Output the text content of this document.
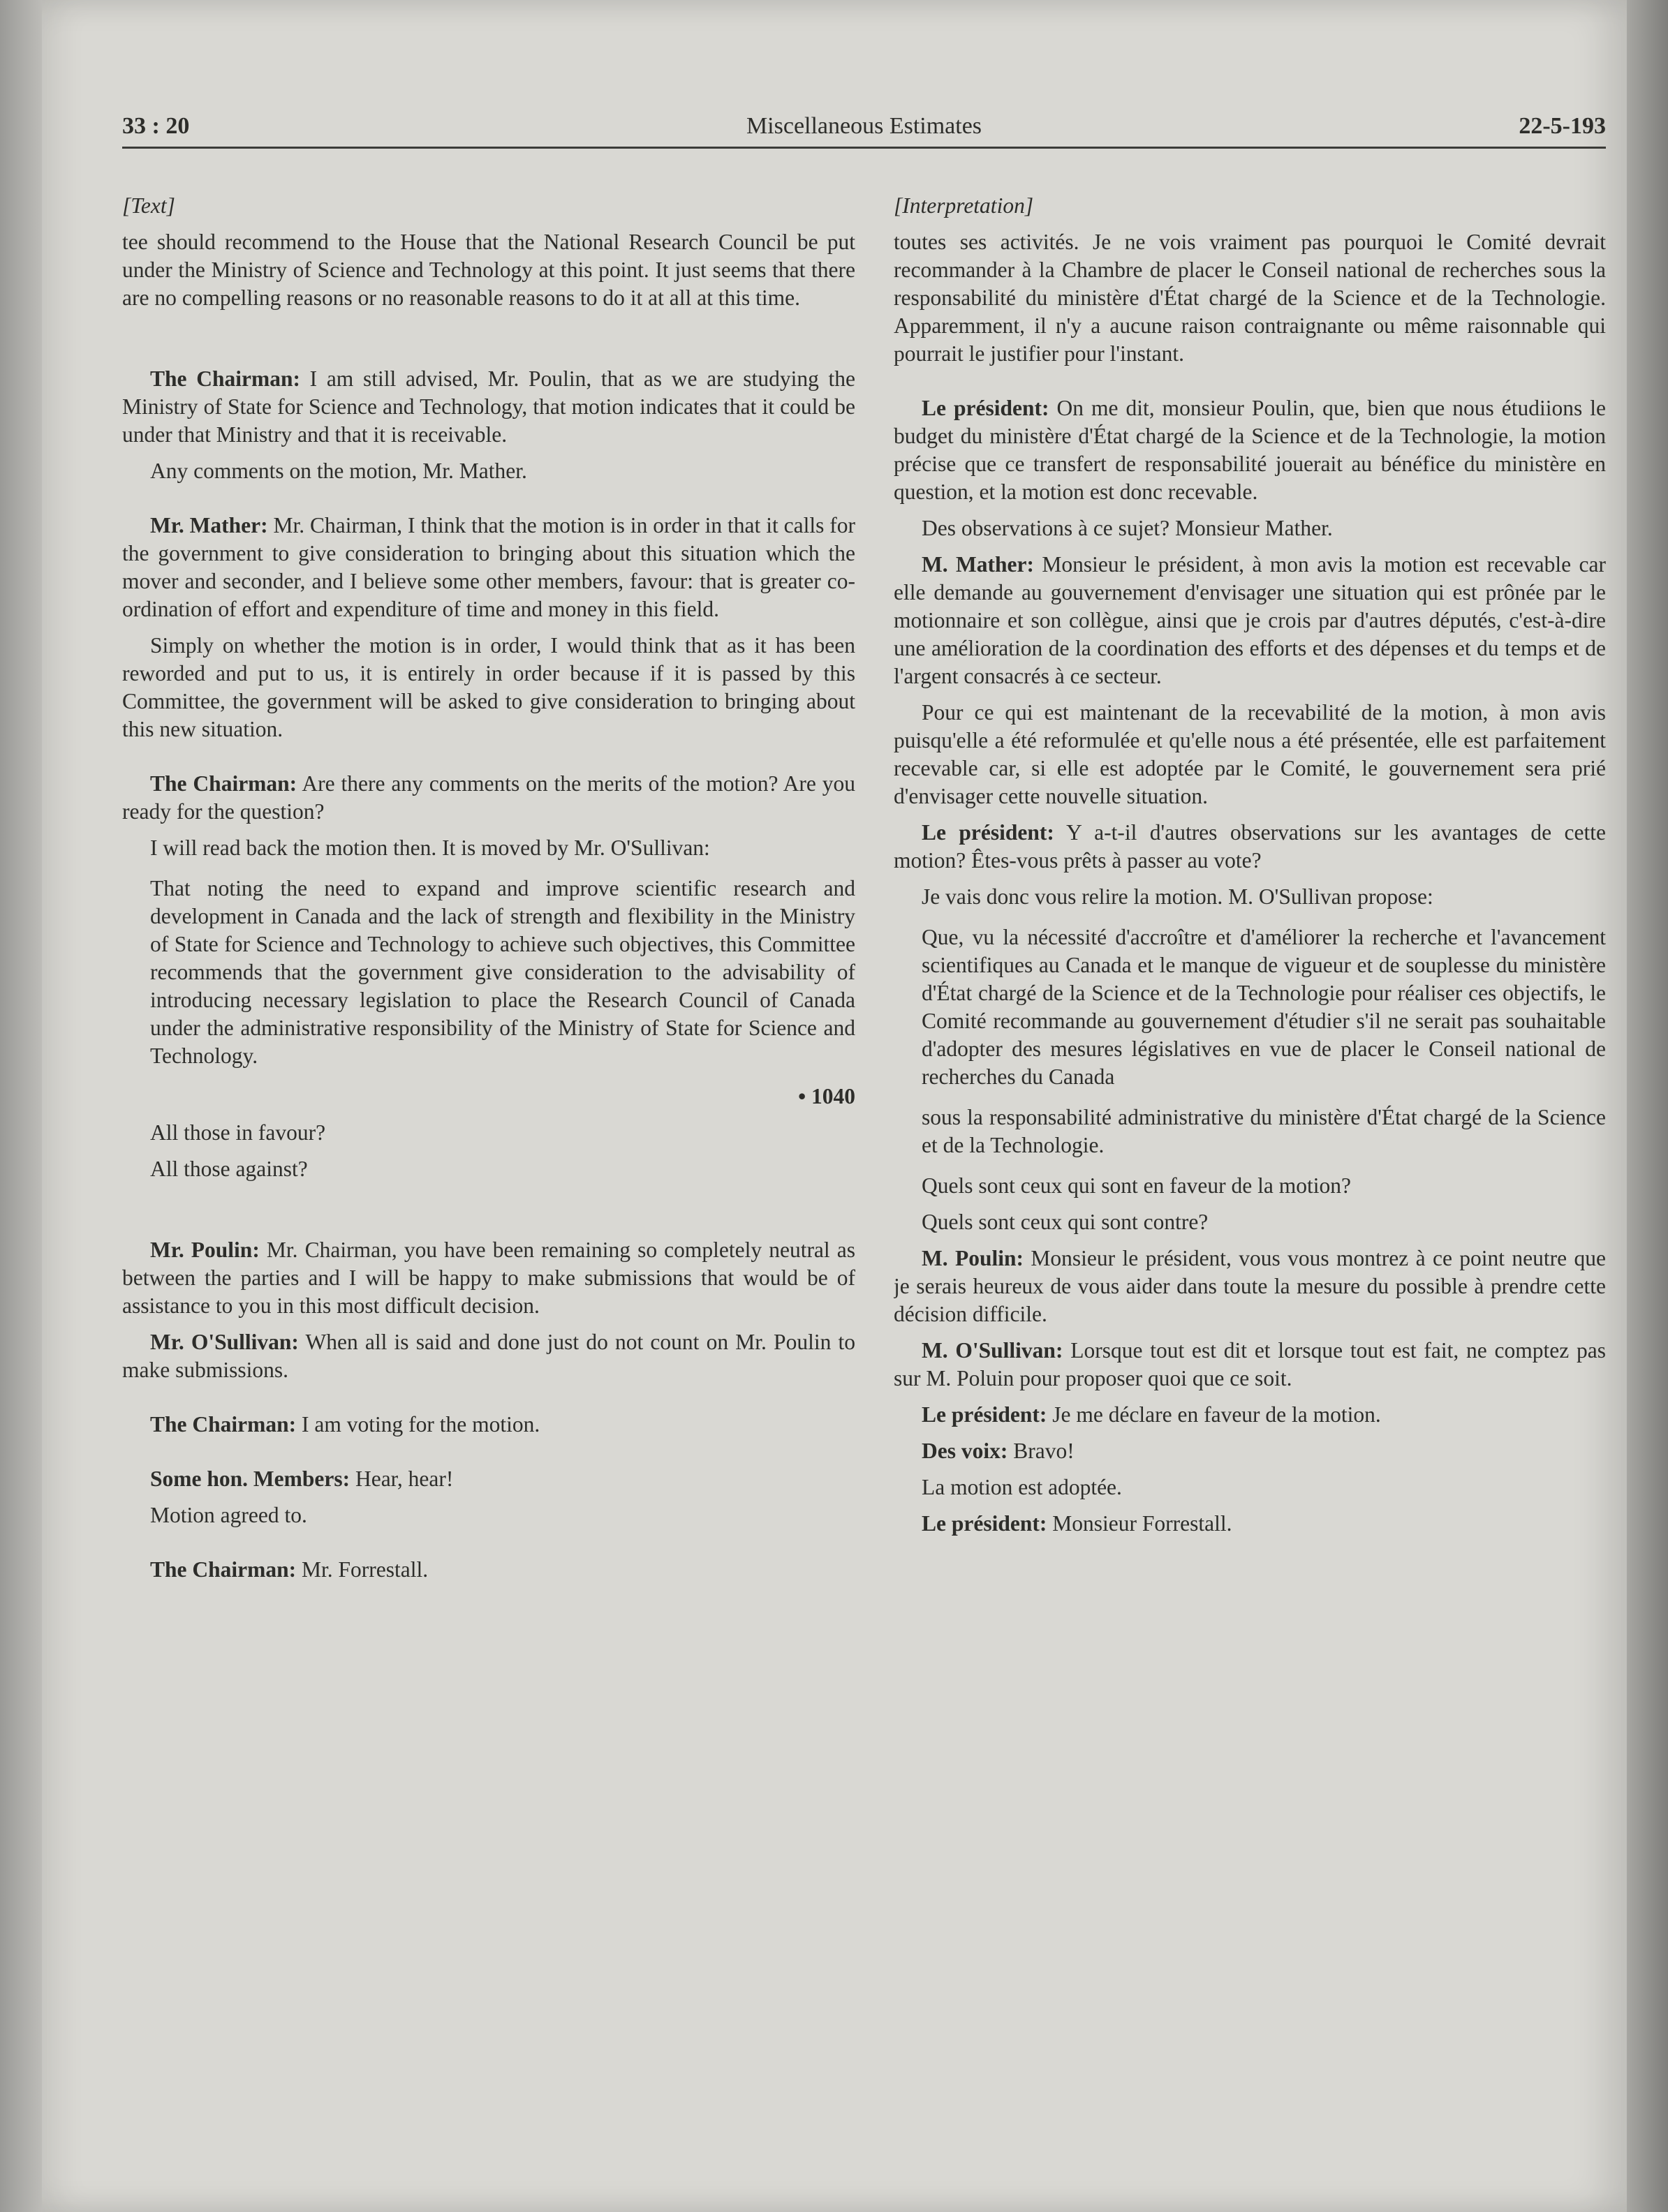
Miscellaneous Estimates
33 : 20	22-5-193

[Text]

tee should recommend to the House that the National Research Council be put under the Ministry of Science and Technology at this point. It just seems that there are no compelling reasons or no reasonable reasons to do it at all at this time.

The Chairman: I am still advised, Mr. Poulin, that as we are studying the Ministry of State for Science and Technology, that motion indicates that it could be under that Ministry and that it is receivable.

Any comments on the motion, Mr. Mather.

Mr. Mather: Mr. Chairman, I think that the motion is in order in that it calls for the government to give consideration to bringing about this situation which the mover and seconder, and I believe some other members, favour: that is greater co-ordination of effort and expenditure of time and money in this field.

Simply on whether the motion is in order, I would think that as it has been reworded and put to us, it is entirely in order because if it is passed by this Committee, the government will be asked to give consideration to bringing about this new situation.

The Chairman: Are there any comments on the merits of the motion? Are you ready for the question?

I will read back the motion then. It is moved by Mr. O'Sullivan:

That noting the need to expand and improve scientific research and development in Canada and the lack of strength and flexibility in the Ministry of State for Science and Technology to achieve such objectives, this Committee recommends that the government give consideration to the advisability of introducing necessary legislation to place the Research Council of Canada under the administrative responsibility of the Ministry of State for Science and Technology.

• 1040

All those in favour?

All those against?

Mr. Poulin: Mr. Chairman, you have been remaining so completely neutral as between the parties and I will be happy to make submissions that would be of assistance to you in this most difficult decision.

Mr. O'Sullivan: When all is said and done just do not count on Mr. Poulin to make submissions.

The Chairman: I am voting for the motion.

Some hon. Members: Hear, hear!

Motion agreed to.

The Chairman: Mr. Forrestall.

[Interpretation]

toutes ses activités. Je ne vois vraiment pas pourquoi le Comité devrait recommander à la Chambre de placer le Conseil national de recherches sous la responsabilité du ministère d'État chargé de la Science et de la Technologie. Apparemment, il n'y a aucune raison contraignante ou même raisonnable qui pourrait le justifier pour l'instant.

Le président: On me dit, monsieur Poulin, que, bien que nous étudiions le budget du ministère d'État chargé de la Science et de la Technologie, la motion précise que ce transfert de responsabilité jouerait au bénéfice du ministère en question, et la motion est donc recevable.

Des observations à ce sujet? Monsieur Mather.

M. Mather: Monsieur le président, à mon avis la motion est recevable car elle demande au gouvernement d'envisager une situation qui est prônée par le motionnaire et son collègue, ainsi que je crois par d'autres députés, c'est-à-dire une amélioration de la coordination des efforts et des dépenses et du temps et de l'argent consacrés à ce secteur.

Pour ce qui est maintenant de la recevabilité de la motion, à mon avis puisqu'elle a été reformulée et qu'elle nous a été présentée, elle est parfaitement recevable car, si elle est adoptée par le Comité, le gouvernement sera prié d'envisager cette nouvelle situation.

Le président: Y a-t-il d'autres observations sur les avantages de cette motion? Êtes-vous prêts à passer au vote?

Je vais donc vous relire la motion. M. O'Sullivan propose:

Que, vu la nécessité d'accroître et d'améliorer la recherche et l'avancement scientifiques au Canada et le manque de vigueur et de souplesse du ministère d'État chargé de la Science et de la Technologie pour réaliser ces objectifs, le Comité recommande au gouvernement d'étudier s'il ne serait pas souhaitable d'adopter des mesures législatives en vue de placer le Conseil national de recherches du Canada

sous la responsabilité administrative du ministère d'État chargé de la Science et de la Technologie.

Quels sont ceux qui sont en faveur de la motion?

Quels sont ceux qui sont contre?

M. Poulin: Monsieur le président, vous vous montrez à ce point neutre que je serais heureux de vous aider dans toute la mesure du possible à prendre cette décision difficile.

M. O'Sullivan: Lorsque tout est dit et lorsque tout est fait, ne comptez pas sur M. Poluin pour proposer quoi que ce soit.

Le président: Je me déclare en faveur de la motion.

Des voix: Bravo!

La motion est adoptée.

Le président: Monsieur Forrestall.
